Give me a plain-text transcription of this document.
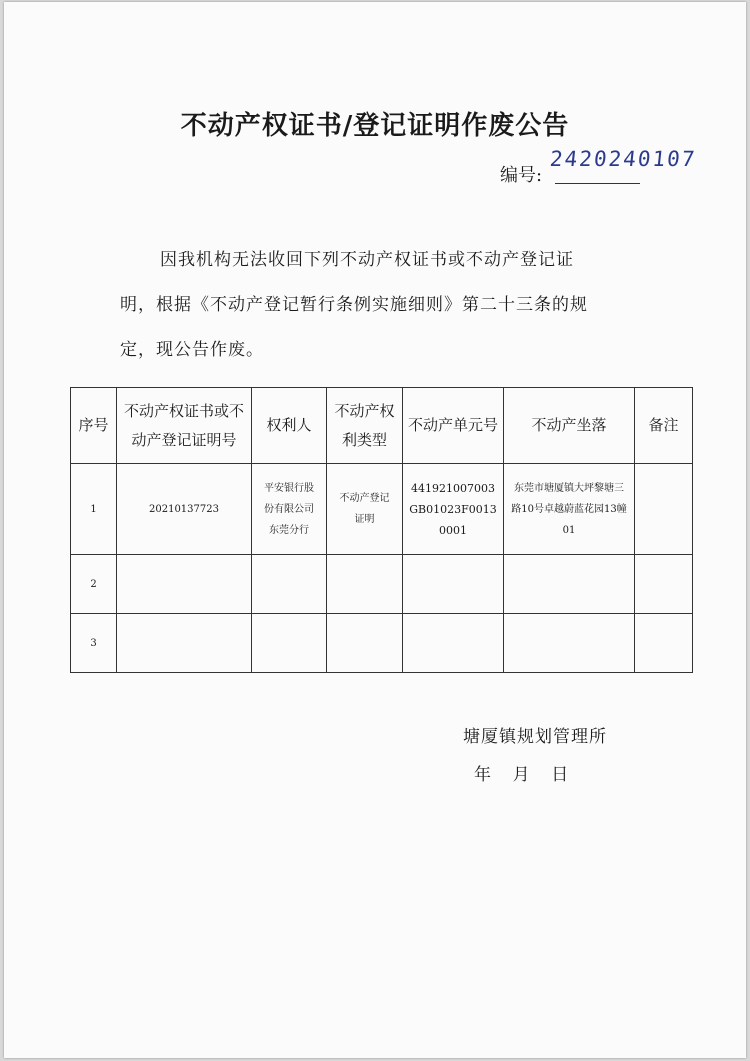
不动产权证书/登记证明作废公告
编号:
2420240107
因我机构无法收回下列不动产权证书或不动产登记证
明，根据《不动产登记暂行条例实施细则》第二十三条的规
定，现公告作废。
序号	不动产权证书或不动产登记证明号	权利人	不动产权利类型	不动产单元号	不动产坐落	备注
1	20210137723	平安银行股份有限公司东莞分行	不动产登记证明	441921007003GB01023F00130001	东莞市塘厦镇大坪黎塘三路10号卓越蔚蓝花园13幢01	
2						
3						
塘厦镇规划管理所
年    月    日
